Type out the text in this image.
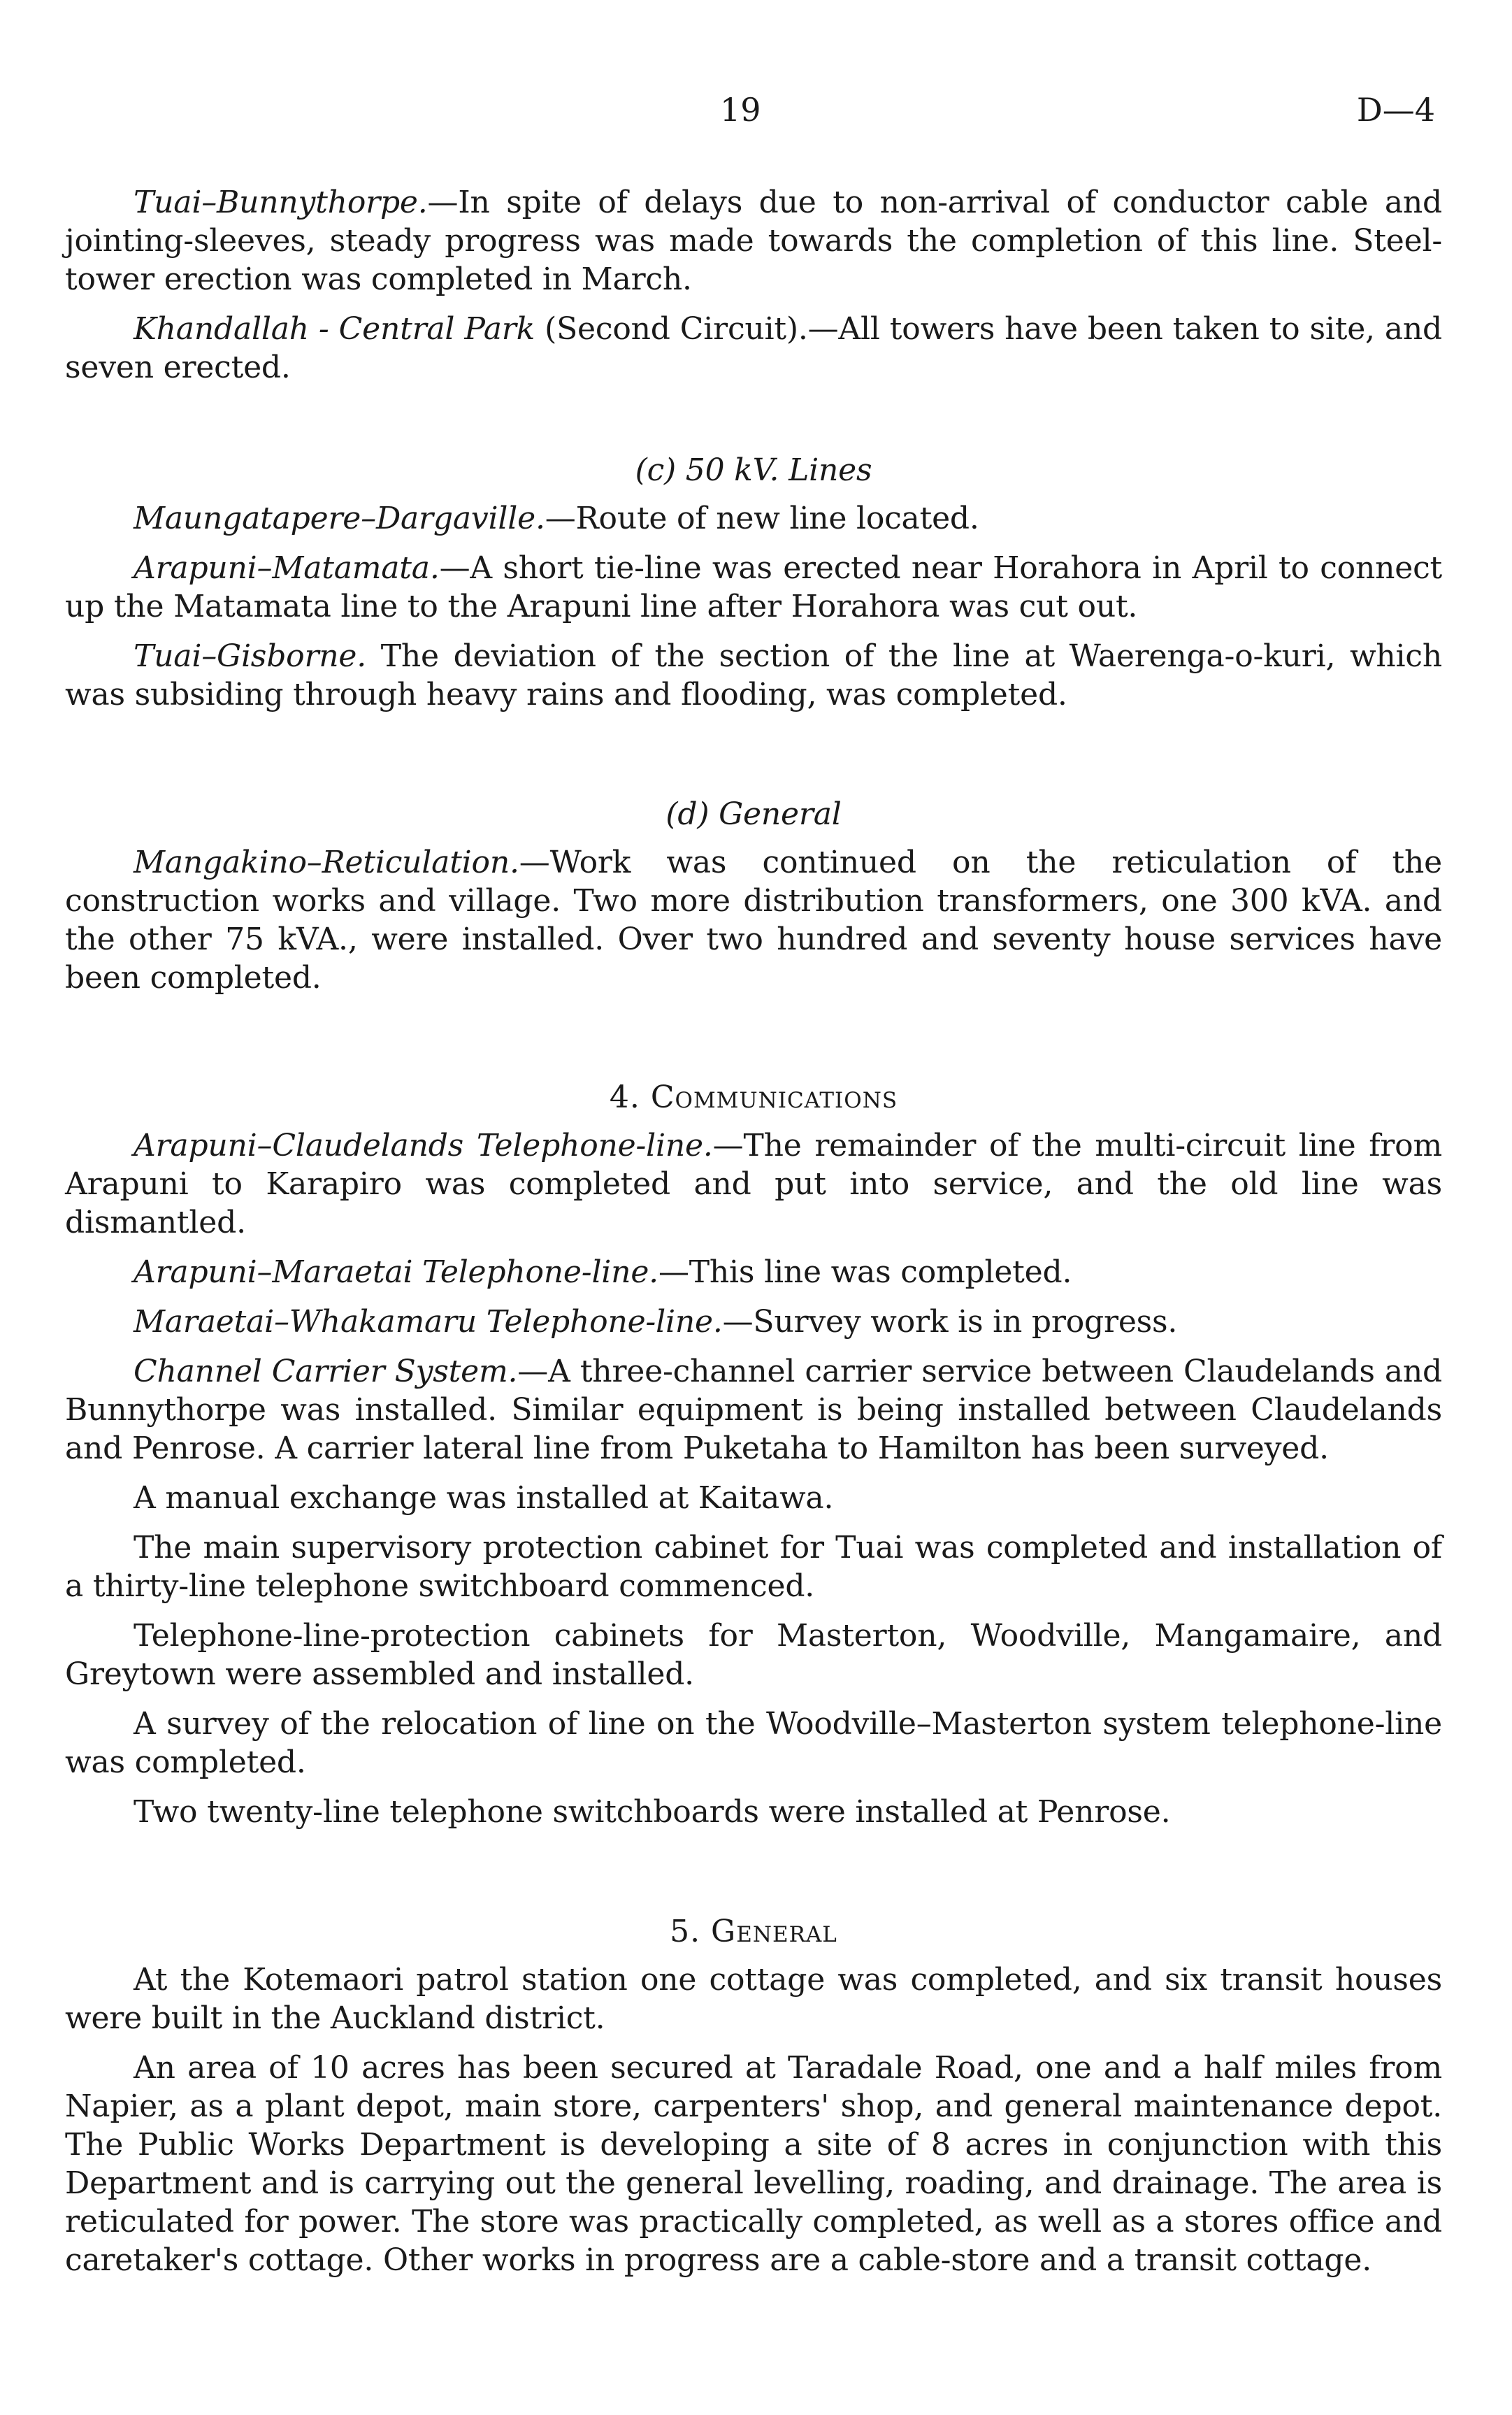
19	D—4

Tuai–Bunnythorpe.—In spite of delays due to non-arrival of conductor cable and jointing-sleeves, steady progress was made towards the completion of this line. Steel-tower erection was completed in March.

Khandallah - Central Park (Second Circuit).—All towers have been taken to site, and seven erected.

(c) 50 kV. Lines

Maungatapere–Dargaville.—Route of new line located.

Arapuni–Matamata.—A short tie-line was erected near Horahora in April to connect up the Matamata line to the Arapuni line after Horahora was cut out.

Tuai–Gisborne. The deviation of the section of the line at Waerenga-o-kuri, which was subsiding through heavy rains and flooding, was completed.

(d) General

Mangakino–Reticulation.—Work was continued on the reticulation of the construction works and village. Two more distribution transformers, one 300 kVA. and the other 75 kVA., were installed. Over two hundred and seventy house services have been completed.

4. Communications

Arapuni–Claudelands Telephone-line.—The remainder of the multi-circuit line from Arapuni to Karapiro was completed and put into service, and the old line was dismantled.

Arapuni–Maraetai Telephone-line.—This line was completed.

Maraetai–Whakamaru Telephone-line.—Survey work is in progress.

Channel Carrier System.—A three-channel carrier service between Claudelands and Bunnythorpe was installed. Similar equipment is being installed between Claudelands and Penrose. A carrier lateral line from Puketaha to Hamilton has been surveyed.

A manual exchange was installed at Kaitawa.

The main supervisory protection cabinet for Tuai was completed and installation of a thirty-line telephone switchboard commenced.

Telephone-line-protection cabinets for Masterton, Woodville, Mangamaire, and Greytown were assembled and installed.

A survey of the relocation of line on the Woodville–Masterton system telephone-line was completed.

Two twenty-line telephone switchboards were installed at Penrose.

5. General

At the Kotemaori patrol station one cottage was completed, and six transit houses were built in the Auckland district.

An area of 10 acres has been secured at Taradale Road, one and a half miles from Napier, as a plant depot, main store, carpenters' shop, and general maintenance depot. The Public Works Department is developing a site of 8 acres in conjunction with this Department and is carrying out the general levelling, roading, and drainage. The area is reticulated for power. The store was practically completed, as well as a stores office and caretaker's cottage. Other works in progress are a cable-store and a transit cottage.
